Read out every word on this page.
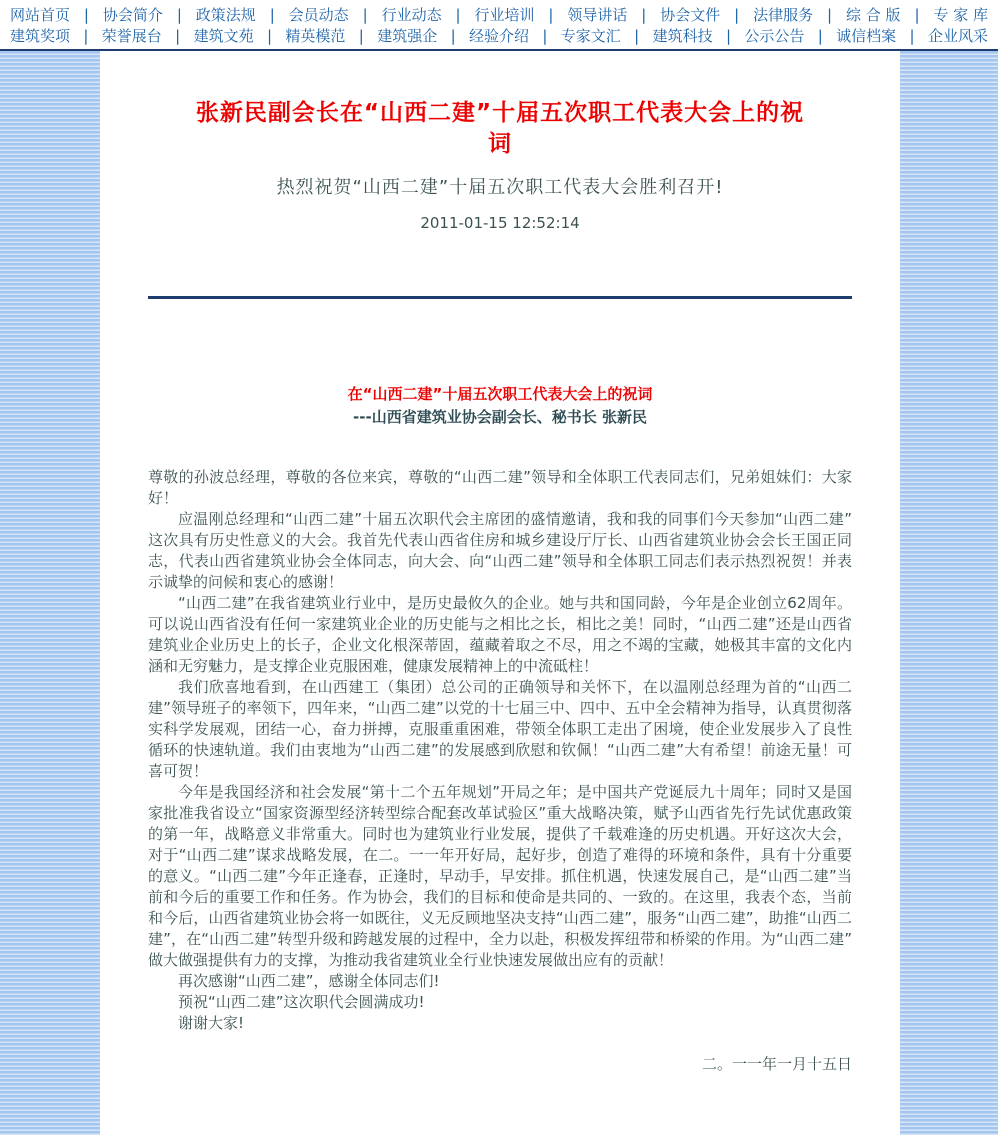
网站首页 | 协会简介 | 政策法规 | 会员动态 | 行业动态 | 行业培训 | 领导讲话 | 协会文件 | 法律服务 | 综 合 版 | 专 家 库
建筑奖项 | 荣誉展台 | 建筑文苑 | 精英模范 | 建筑强企 | 经验介绍 | 专家文汇 | 建筑科技 | 公示公告 | 诚信档案 | 企业风采
张新民副会长在“山西二建”十届五次职工代表大会上的祝词
热烈祝贺“山西二建”十届五次职工代表大会胜利召开!
2011-01-15 12:52:14
在“山西二建”十届五次职工代表大会上的祝词
---山西省建筑业协会副会长、秘书长 张新民

尊敬的孙波总经理，尊敬的各位来宾，尊敬的“山西二建”领导和全体职工代表同志们，兄弟姐妹们：大家好！

应温刚总经理和“山西二建”十届五次职代会主席团的盛情邀请，我和我的同事们今天参加“山西二建”这次具有历史性意义的大会。我首先代表山西省住房和城乡建设厅厅长、山西省建筑业协会会长王国正同志，代表山西省建筑业协会全体同志，向大会、向“山西二建”领导和全体职工同志们表示热烈祝贺！并表示诚挚的问候和衷心的感谢！

“山西二建”在我省建筑业行业中，是历史最攸久的企业。她与共和国同龄，今年是企业创立62周年。可以说山西省没有任何一家建筑业企业的历史能与之相比之长，相比之美！同时，“山西二建”还是山西省建筑业企业历史上的长子，企业文化根深蒂固，蕴藏着取之不尽，用之不竭的宝藏，她极其丰富的文化内涵和无穷魅力，是支撑企业克服困难，健康发展精神上的中流砥柱！

我们欣喜地看到，在山西建工（集团）总公司的正确领导和关怀下，在以温刚总经理为首的“山西二建”领导班子的率领下，四年来，“山西二建”以党的十七届三中、四中、五中全会精神为指导，认真贯彻落实科学发展观，团结一心，奋力拼搏，克服重重困难，带领全体职工走出了困境，使企业发展步入了良性循环的快速轨道。我们由衷地为“山西二建”的发展感到欣慰和钦佩！“山西二建”大有希望！前途无量！可喜可贺！

今年是我国经济和社会发展“第十二个五年规划”开局之年；是中国共产党诞辰九十周年；同时又是国家批准我省设立“国家资源型经济转型综合配套改革试验区”重大战略决策，赋予山西省先行先试优惠政策的第一年，战略意义非常重大。同时也为建筑业行业发展，提供了千载难逢的历史机遇。开好这次大会，对于“山西二建”谋求战略发展，在二。一一年开好局，起好步，创造了难得的环境和条件，具有十分重要的意义。“山西二建”今年正逢春，正逢时，早动手，早安排。抓住机遇，快速发展自己，是“山西二建”当前和今后的重要工作和任务。作为协会，我们的目标和使命是共同的、一致的。在这里，我表个态，当前和今后，山西省建筑业协会将一如既往，义无反顾地坚决支持“山西二建”，服务“山西二建”，助推“山西二建”，在“山西二建”转型升级和跨越发展的过程中，全力以赴，积极发挥纽带和桥梁的作用。为“山西二建”做大做强提供有力的支撑，为推动我省建筑业全行业快速发展做出应有的贡献！

再次感谢“山西二建”，感谢全体同志们!

预祝“山西二建”这次职代会圆满成功!

谢谢大家!

二。一一年一月十五日
